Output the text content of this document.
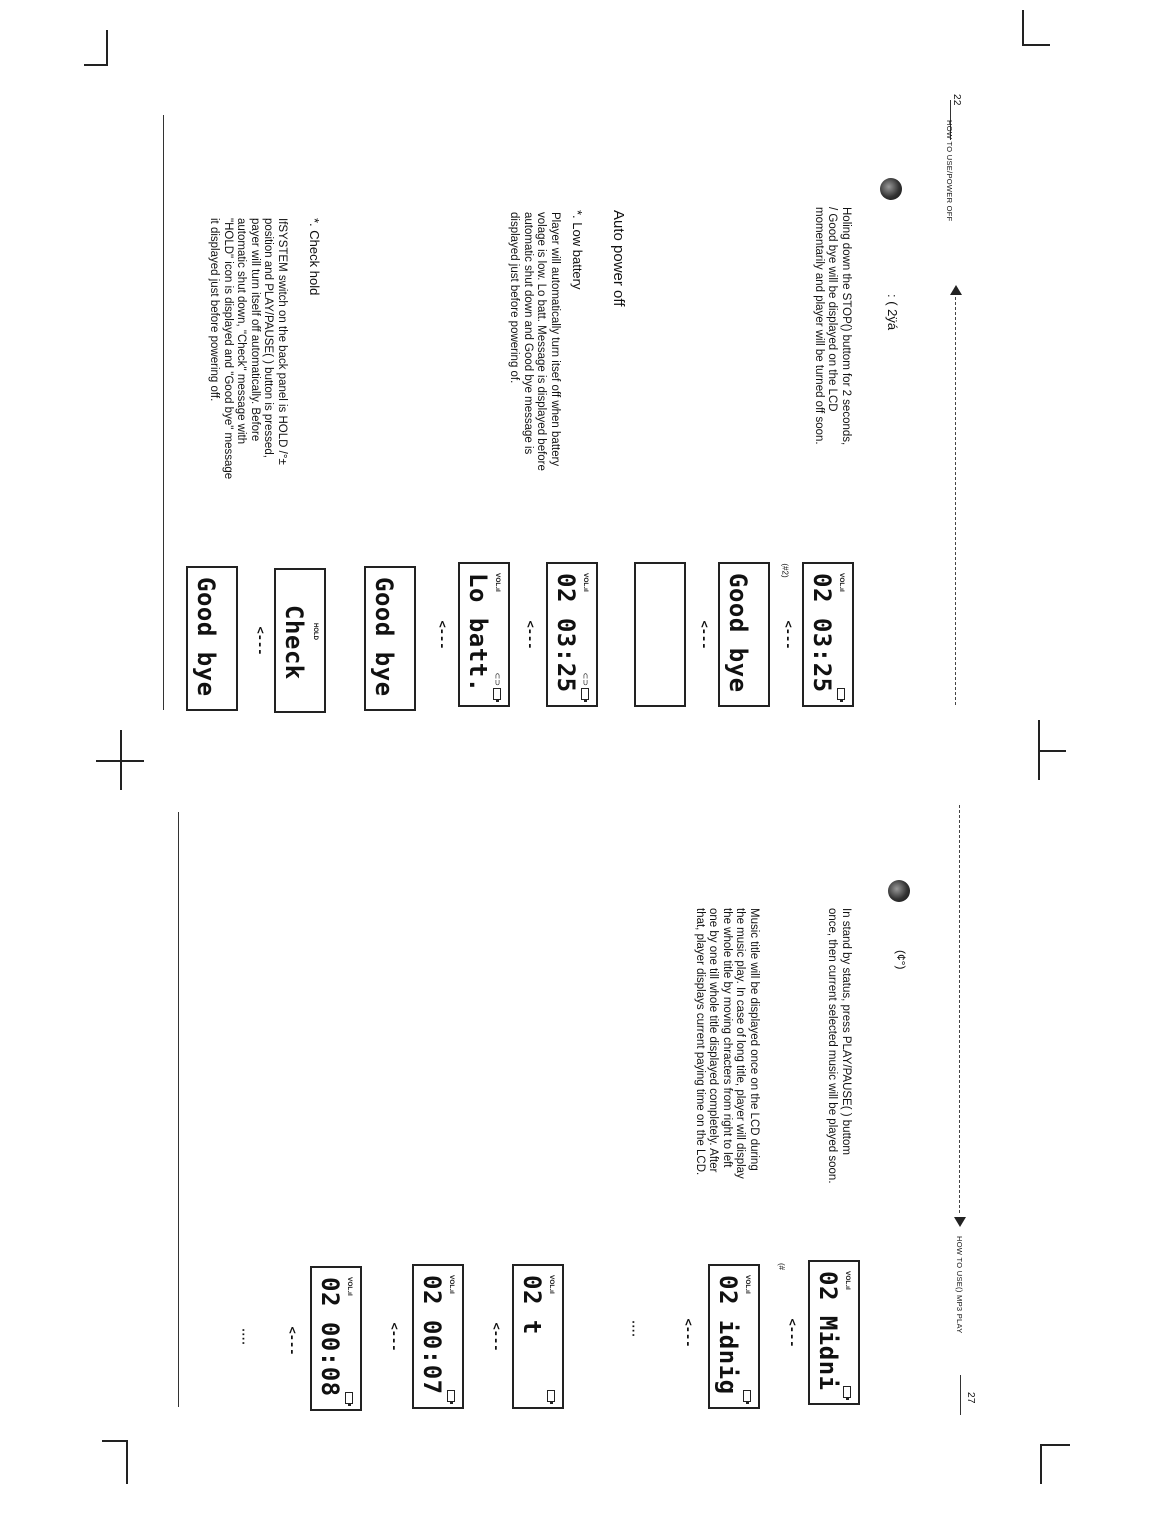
22
HOW TO USE/POWER OFF
: ( 2ÿá
Holing down the STOP() buttom for 2 seconds,
/ Good bye will be displayed on the LCD
momentarily and player will be turned off soon.
Auto power off
*. Low battery
Player will automatically turn itsef off when battery
volage is low. Lo batt. Message is displayed before
automatic shut down and Good bye message is
displayed just before powering of.
*. Check hold
IfSYSTEM switch on the back panel is HOLD /°±
position and PLAY/PAUSE( ) button is pressed,
payer will turn itself off automatically. Before
automatic shut down, "Check" message with
"HOLD" icon is displayed and "Good bye" message
it displayed just before powering off.
(#2)
VOL.ıl
02 03:25
Good bye
VOL.ıl
⊂⊃
02 03:25
VOL.ıl
⊂⊃
Lo batt.
Good bye
HOLD
Check
Good bye	<---
<---
<---
<---
<---
HOW TO USE() MP3 PLAY
27
(¢°)
In stand by status, press PLAY/PAUSE( ) buttom
once, then current selected music will be played soon.
Music title will be displayed once on the LCD during
the music play. In case of long title, player will display
the whole title by moving chracters from right to left
one by one till whole title displayed completely. After
that, player displays current paying time on the LCD.
(#
VOL.ıl
02 Midni
VOL.ıl
02 idnig
VOL.ıl
02 t
VOL.ıl
02 00:07
VOL.ıl
02 00:08	<---
<---
....
<---
<---
<---
....
